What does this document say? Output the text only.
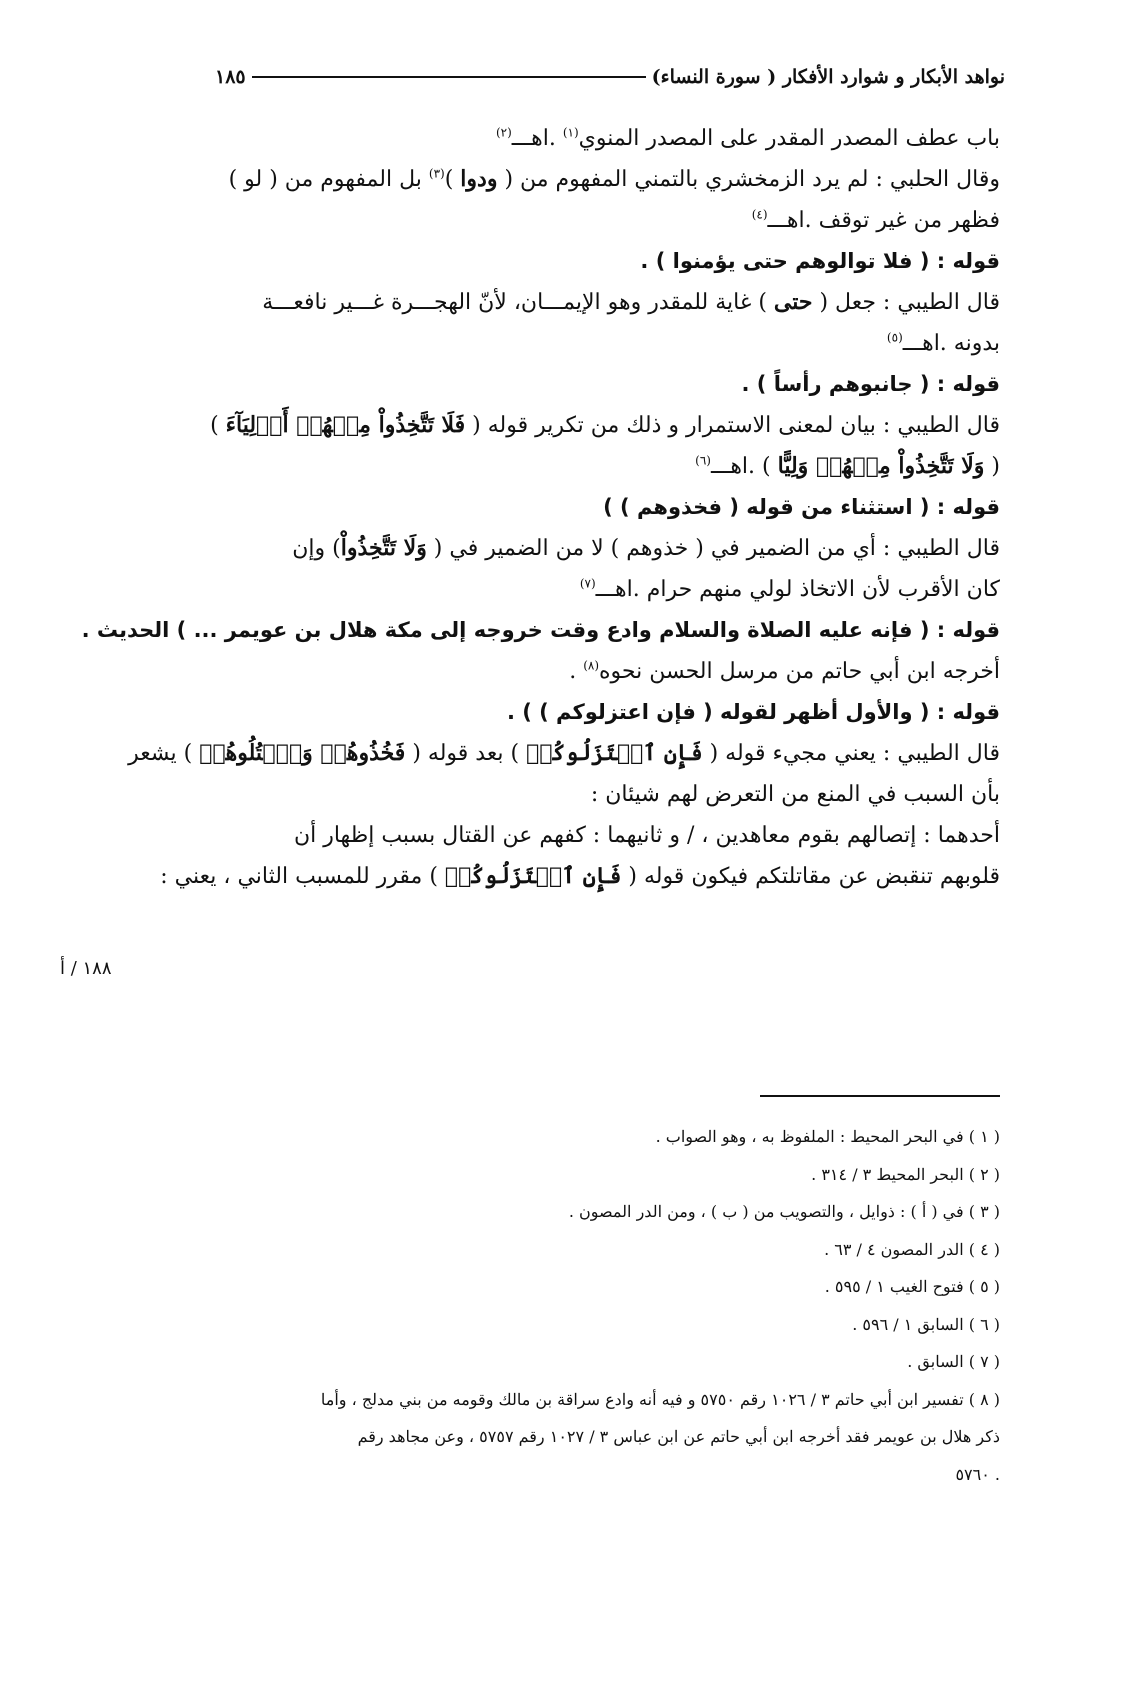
نواهد الأبكار و شوارد الأفكار ( سورة النساء)
١٨٥
باب عطف المصدر المقدر على المصدر المنوي$^{(١)}$ .اهـــ$^{(٢)}$
وقال الحلبي : لم يرد الزمخشري بالتمني المفهوم من ( ودوا )$^{(٣)}$ بل المفهوم من ( لو )
فظهر من غير توقف .اهـــ$^{(٤)}$
قوله : ( فلا توالوهم حتى يؤمنوا ) .
قال الطيبي : جعل ( حتى ) غاية للمقدر وهو الإيمـــان، لأنّ الهجـــرة غـــير نافعـــة
بدونه .اهـــ$^{(٥)}$
قوله : ( جانبوهم رأساً ) .
قال الطيبي : بيان لمعنى الاستمرار و ذلك من تكرير قوله ( فَلَا تَتَّخِذُواْ مِنۡهُمۡ أَوۡلِيَآءَ )
( وَلَا تَتَّخِذُواْ مِنۡهُمۡ وَلِيًّا ) .اهـــ$^{(٦)}$
قوله : ( استثناء من قوله ( فخذوهم ) )
قال الطيبي : أي من الضمير في ( خذوهم ) لا من الضمير في ( وَلَا تَتَّخِذُواْ) وإن
كان الأقرب لأن الاتخاذ لولي منهم حرام .اهـــ$^{(٧)}$
قوله : ( فإنه عليه الصلاة والسلام وادع وقت خروجه إلى مكة هلال بن عويمر ... ) الحديث .
أخرجه ابن أبي حاتم من مرسل الحسن نحوه$^{(٨)}$ .
قوله : ( والأول أظهر لقوله ( فإن اعتزلوكم ) ) .
قال الطيبي : يعني مجيء قوله ( فَإِنِ ٱعۡتَزَلُوكُمۡ ) بعد قوله ( فَخُذُوهُمۡ وَٱقۡتُلُوهُمۡ ) يشعر
بأن السبب في المنع من التعرض لهم شيئان :
أحدهما : إتصالهم بقوم معاهدين ، / و ثانيهما : كفهم عن القتال بسبب إظهار أن
قلوبهم تنقبض عن مقاتلتكم فيكون قوله ( فَإِنِ ٱعۡتَزَلُوكُمۡ ) مقرر للمسبب الثاني ، يعني :
١٨٨ / أ
( ١ ) في البحر المحيط : الملفوظ به ، وهو الصواب .
( ٢ ) البحر المحيط ٣ / ٣١٤ .
( ٣ ) في ( أ ) : ذوايل ، والتصويب من ( ب ) ، ومن الدر المصون .
( ٤ ) الدر المصون ٤ / ٦٣ .
( ٥ ) فتوح الغيب ١ / ٥٩٥ .
( ٦ ) السابق ١ / ٥٩٦ .
( ٧ ) السابق .
( ٨ ) تفسير ابن أبي حاتم ٣ / ١٠٢٦ رقم ٥٧٥٠ و فيه أنه وادع سراقة بن مالك وقومه من بني مدلج ، وأما
ذكر هلال بن عويمر فقد أخرجه ابن أبي حاتم عن ابن عباس ٣ / ١٠٢٧ رقم ٥٧٥٧ ، وعن مجاهد رقم
. ٥٧٦٠
